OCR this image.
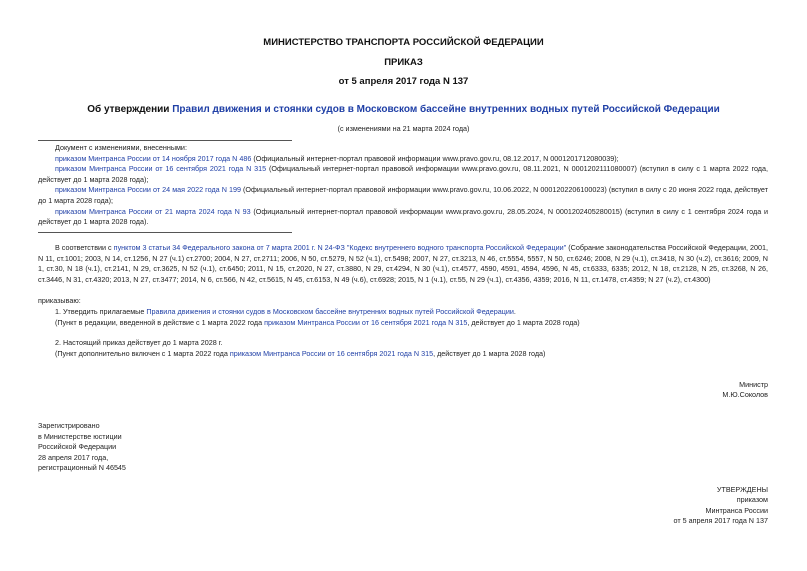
МИНИСТЕРСТВО ТРАНСПОРТА РОССИЙСКОЙ ФЕДЕРАЦИИ
ПРИКАЗ
от 5 апреля 2017 года N 137
Об утверждении Правил движения и стоянки судов в Московском бассейне внутренних водных путей Российской Федерации
(с изменениями на 21 марта 2024 года)
Документ с изменениями, внесенными:
приказом Минтранса России от 14 ноября 2017 года N 486 (Официальный интернет-портал правовой информации www.pravo.gov.ru, 08.12.2017, N 0001201712080039);
приказом Минтранса России от 16 сентября 2021 года N 315 (Официальный интернет-портал правовой информации www.pravo.gov.ru, 08.11.2021, N 0001202111080007) (вступил в силу с 1 марта 2022 года, действует до 1 марта 2028 года);
приказом Минтранса России от 24 мая 2022 года N 199 (Официальный интернет-портал правовой информации www.pravo.gov.ru, 10.06.2022, N 0001202206100023) (вступил в силу с 20 июня 2022 года, действует до 1 марта 2028 года);
приказом Минтранса России от 21 марта 2024 года N 93 (Официальный интернет-портал правовой информации www.pravo.gov.ru, 28.05.2024, N 0001202405280015) (вступил в силу с 1 сентября 2024 года и действует до 1 марта 2028 года).
В соответствии с пунктом 3 статьи 34 Федерального закона от 7 марта 2001 г. N 24-ФЗ "Кодекс внутреннего водного транспорта Российской Федерации" (Собрание законодательства Российской Федерации, 2001, N 11, ст.1001; 2003, N 14, ст.1256, N 27 (ч.1) ст.2700; 2004, N 27, ст.2711; 2006, N 50, ст.5279, N 52 (ч.1), ст.5498; 2007, N 27, ст.3213, N 46, ст.5554, 5557, N 50, ст.6246; 2008, N 29 (ч.1), ст.3418, N 30 (ч.2), ст.3616; 2009, N 1, ст.30, N 18 (ч.1), ст.2141, N 29, ст.3625, N 52 (ч.1), ст.6450; 2011, N 15, ст.2020, N 27, ст.3880, N 29, ст.4294, N 30 (ч.1), ст.4577, 4590, 4591, 4594, 4596, N 45, ст.6333, 6335; 2012, N 18, ст.2128, N 25, ст.3268, N 26, ст.3446, N 31, ст.4320; 2013, N 27, ст.3477; 2014, N 6, ст.566, N 42, ст.5615, N 45, ст.6153, N 49 (ч.6), ст.6928; 2015, N 1 (ч.1), ст.55, N 29 (ч.1), ст.4356, 4359; 2016, N 11, ст.1478, ст.4359; N 27 (ч.2), ст.4300)
приказываю:
1. Утвердить прилагаемые Правила движения и стоянки судов в Московском бассейне внутренних водных путей Российской Федерации.
(Пункт в редакции, введенной в действие с 1 марта 2022 года приказом Минтранса России от 16 сентября 2021 года N 315, действует до 1 марта 2028 года)
2. Настоящий приказ действует до 1 марта 2028 г.
(Пункт дополнительно включен с 1 марта 2022 года приказом Минтранса России от 16 сентября 2021 года N 315, действует до 1 марта 2028 года)
Министр
М.Ю.Соколов
Зарегистрировано
в Министерстве юстиции
Российской Федерации
28 апреля 2017 года,
регистрационный N 46545
УТВЕРЖДЕНЫ
приказом
Минтранса России
от 5 апреля 2017 года N 137
